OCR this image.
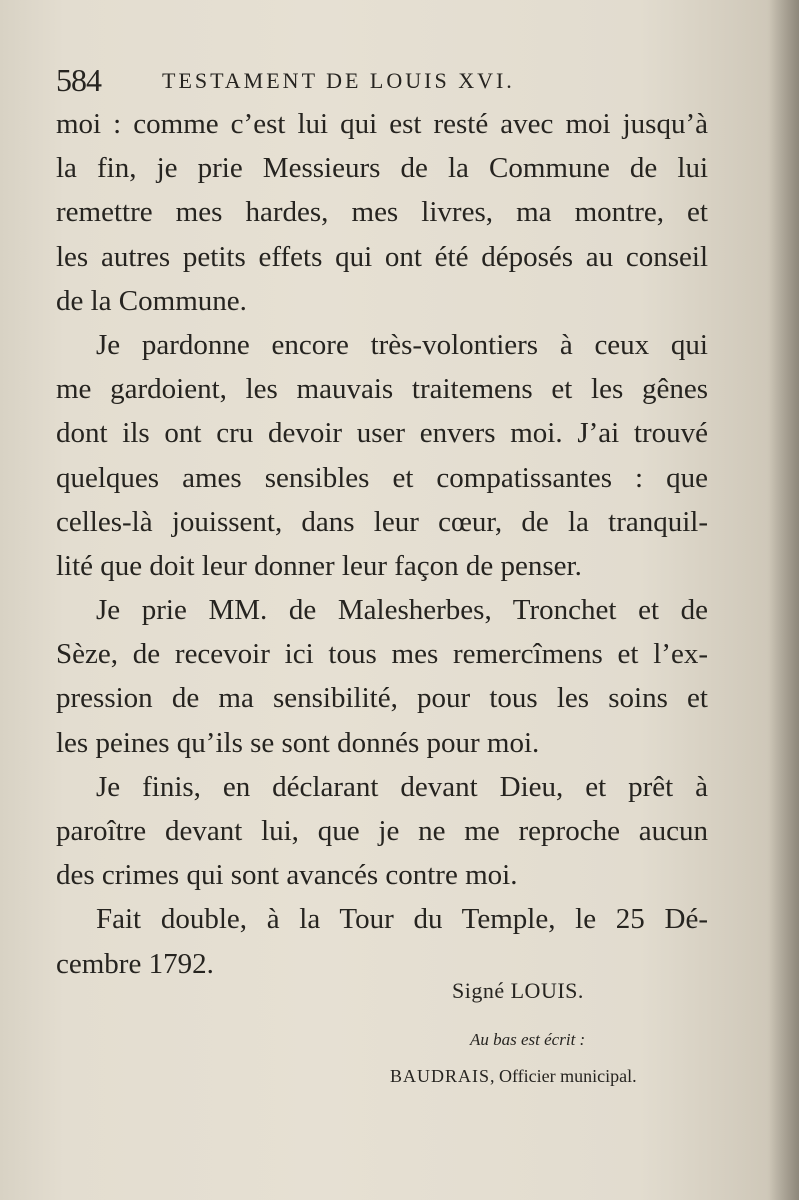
584	TESTAMENT DE LOUIS XVI.
moi : comme c’est lui qui est resté avec moi jusqu’à
la fin, je prie Messieurs de la Commune de lui
remettre mes hardes, mes livres, ma montre, et
les autres petits effets qui ont été déposés au conseil
de la Commune.
Je pardonne encore très-volontiers à ceux qui
me gardoient, les mauvais traitemens et les gênes
dont ils ont cru devoir user envers moi. J’ai trouvé
quelques ames sensibles et compatissantes : que
celles-là jouissent, dans leur cœur, de la tranquil-
lité que doit leur donner leur façon de penser.
Je prie MM. de Malesherbes, Tronchet et de
Sèze, de recevoir ici tous mes remercîmens et l’ex-
pression de ma sensibilité, pour tous les soins et
les peines qu’ils se sont donnés pour moi.
Je finis, en déclarant devant Dieu, et prêt à
paroître devant lui, que je ne me reproche aucun
des crimes qui sont avancés contre moi.
Fait double, à la Tour du Temple, le 25 Dé-
cembre 1792.
Signé LOUIS.
Au bas est écrit :
BAUDRAIS, Officier municipal.
